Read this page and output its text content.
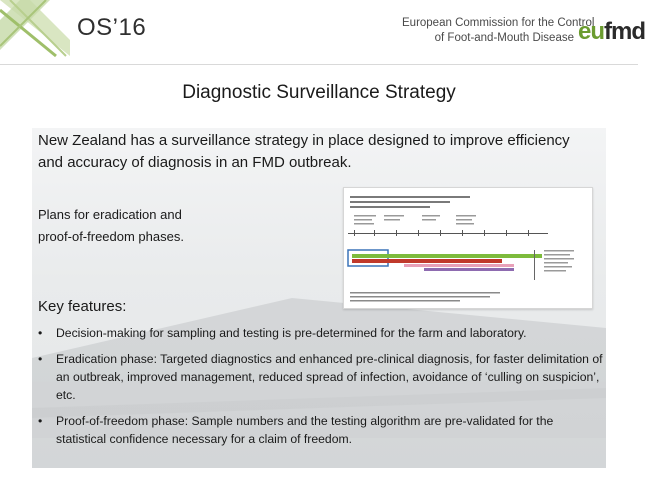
OS’16	European Commission for the Control
of Foot-and-Mouth Disease eufmd
Diagnostic Surveillance Strategy
New Zealand has a surveillance strategy in place designed to improve efficiency and accuracy of diagnosis in an FMD outbreak.
Plans for eradication and
proof-of-freedom phases.
Key features:
• Decision-making for sampling and testing is pre-determined for the farm and laboratory.
• Eradication phase: Targeted diagnostics and enhanced pre-clinical diagnosis, for faster delimitation of an outbreak, improved management, reduced spread of infection, avoidance of ‘culling on suspicion’, etc.
• Proof-of-freedom phase: Sample numbers and the testing algorithm are pre-validated for the statistical confidence necessary for a claim of freedom.
